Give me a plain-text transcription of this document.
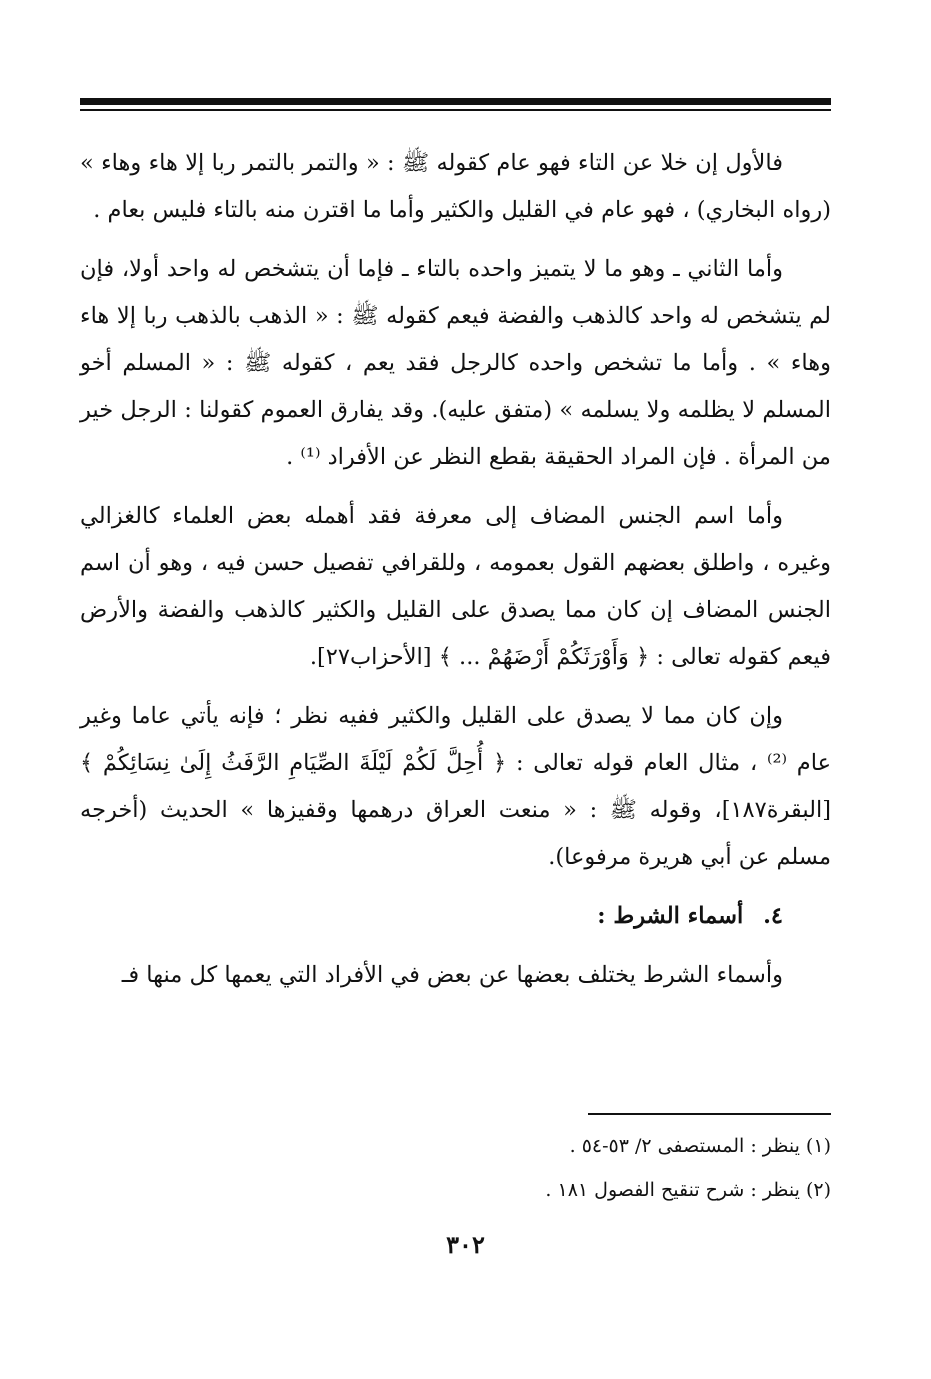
فالأول إن خلا عن التاء فهو عام كقوله ﷺ : « والتمر بالتمر ربا إلا هاء وهاء » (رواه البخاري) ، فهو عام في القليل والكثير وأما ما اقترن منه بالتاء فليس بعام .

وأما الثاني ـ وهو ما لا يتميز واحده بالتاء ـ فإما أن يتشخص له واحد أولا، فإن لم يتشخص له واحد كالذهب والفضة فيعم كقوله ﷺ : « الذهب بالذهب ربا إلا هاء وهاء » . وأما ما تشخص واحده كالرجل فقد يعم ، كقوله ﷺ : « المسلم أخو المسلم لا يظلمه ولا يسلمه » (متفق عليه). وقد يفارق العموم كقولنا : الرجل خير من المرأة . فإن المراد الحقيقة بقطع النظر عن الأفراد ⁽¹⁾ .

وأما اسم الجنس المضاف إلى معرفة فقد أهمله بعض العلماء كالغزالي وغيره ، واطلق بعضهم القول بعمومه ، وللقرافي تفصيل حسن فيه ، وهو أن اسم الجنس المضاف إن كان مما يصدق على القليل والكثير كالذهب والفضة والأرض فيعم كقوله تعالى : ﴿ وَأَوْرَثَكُمْ أَرْضَهُمْ ... ﴾ [الأحزاب٢٧].

وإن كان مما لا يصدق على القليل والكثير ففيه نظر ؛ فإنه يأتي عاما وغير عام ⁽²⁾ ، مثال العام قوله تعالى : ﴿ أُحِلَّ لَكُمْ لَيْلَةَ الصِّيَامِ الرَّفَثُ إِلَىٰ نِسَائِكُمْ ﴾ [البقرة١٨٧]، وقوله ﷺ : « منعت العراق درهمها وقفيزها » الحديث (أخرجه مسلم عن أبي هريرة مرفوعا).

٤. أسماء الشرط :

وأسماء الشرط يختلف بعضها عن بعض في الأفراد التي يعمها كل منها فـ

(١) ينظر : المستصفى ٢/ ٥٣-٥٤ .

(٢) ينظر : شرح تنقيح الفصول ١٨١ .

٣٠٢
